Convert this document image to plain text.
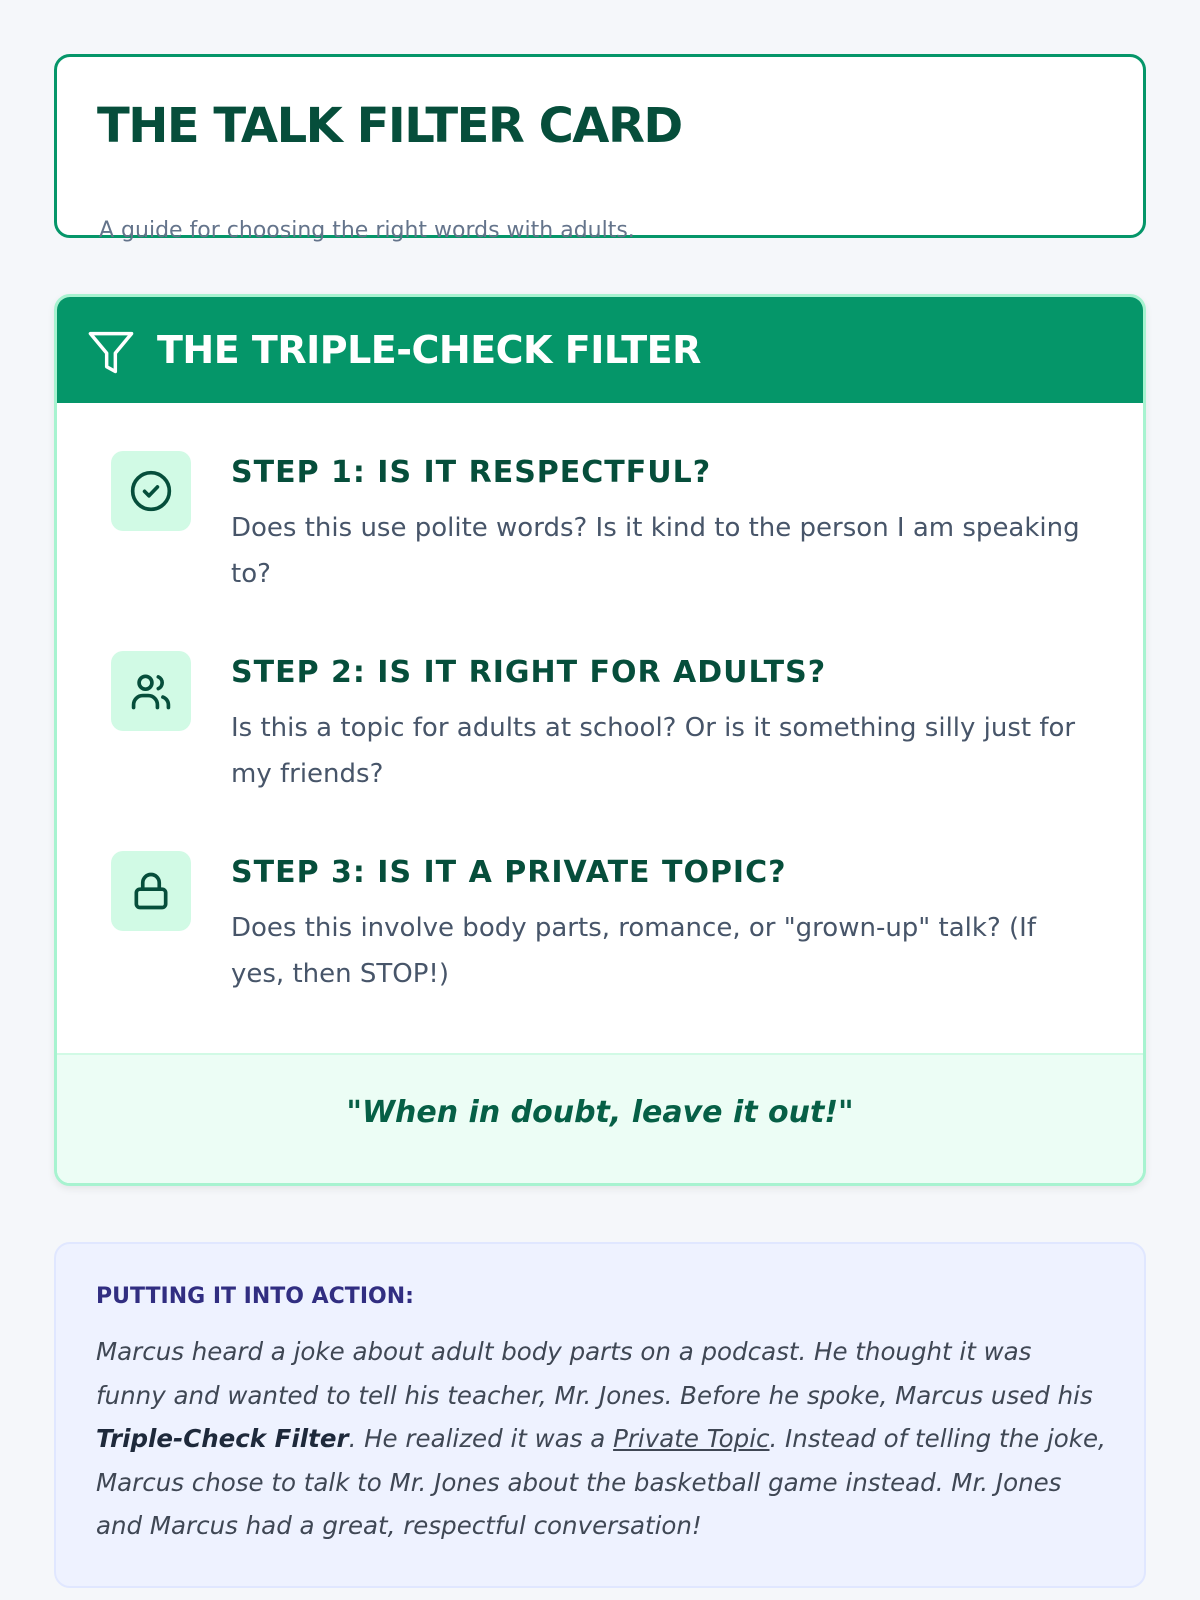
THE TALK FILTER CARD
A guide for choosing the right words with adults.
THE TRIPLE-CHECK FILTER
STEP 1: IS IT RESPECTFUL?

Does this use polite words? Is it kind to the person I am speaking to?

STEP 2: IS IT RIGHT FOR ADULTS?

Is this a topic for adults at school? Or is it something silly just for my friends?

STEP 3: IS IT A PRIVATE TOPIC?

Does this involve body parts, romance, or "grown-up" talk? (If yes, then STOP!)

"When in doubt, leave it out!"
PUTTING IT INTO ACTION:

Marcus heard a joke about adult body parts on a podcast. He thought it was funny and wanted to tell his teacher, Mr. Jones. Before he spoke, Marcus used his Triple-Check Filter. He realized it was a Private Topic. Instead of telling the joke, Marcus chose to talk to Mr. Jones about the basketball game instead. Mr. Jones and Marcus had a great, respectful conversation!
